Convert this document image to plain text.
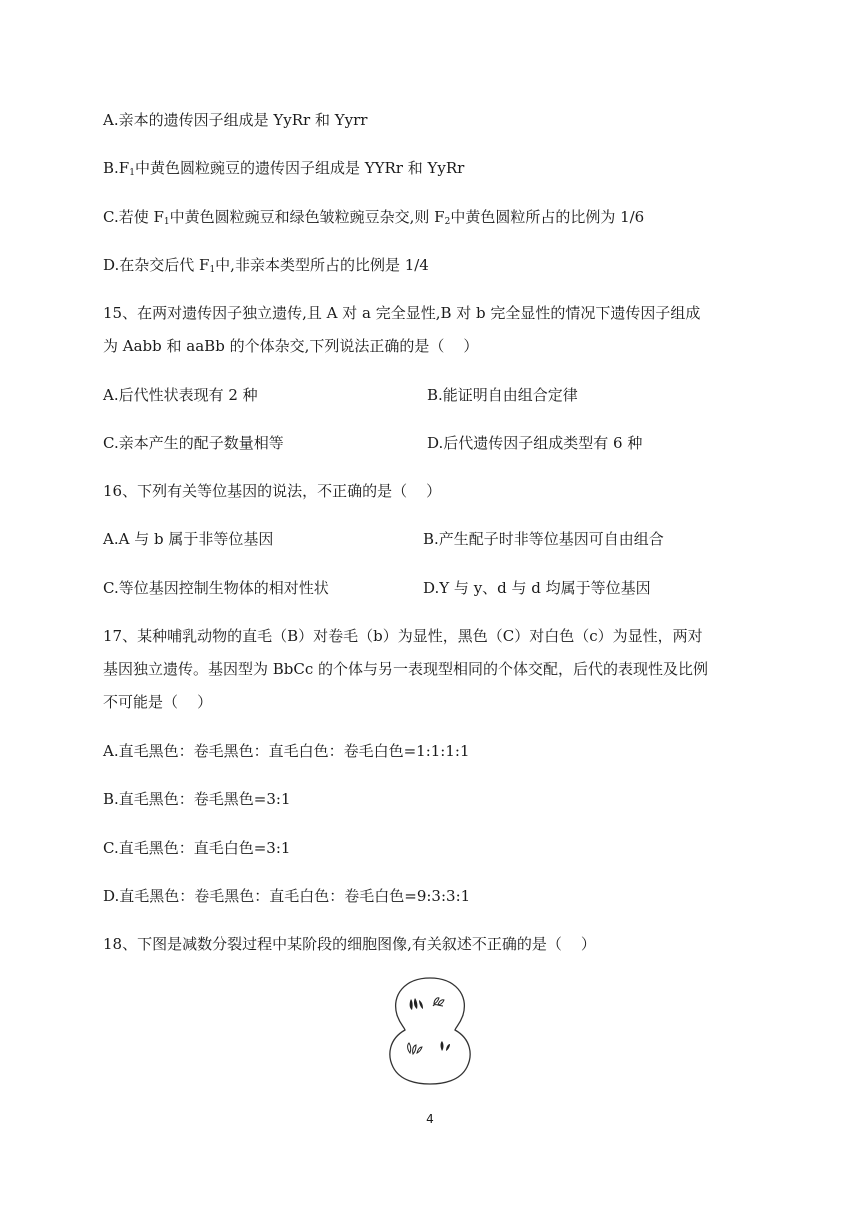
A.亲本的遗传因子组成是 YyRr 和 Yyrr
$B.F_1$中黄色圆粒豌豆的遗传因子组成是 YYRr 和 YyRr
C.若使 $F_1$中黄色圆粒豌豆和绿色皱粒豌豆杂交,则 $F_2$中黄色圆粒所占的比例为 1/6
D.在杂交后代 $F_1$中,非亲本类型所占的比例是 1/4
15、在两对遗传因子独立遗传,且 A 对 a 完全显性,B 对 b 完全显性的情况下遗传因子组成
为 Aabb 和 aaBb 的个体杂交,下列说法正确的是（    ）
A.后代性状表现有 2 种	B.能证明自由组合定律
C.亲本产生的配子数量相等	D.后代遗传因子组成类型有 6 种
16、下列有关等位基因的说法，不正确的是（    ）
A.A 与 b 属于非等位基因	B.产生配子时非等位基因可自由组合
C.等位基因控制生物体的相对性状	D.Y 与 y、d 与 d 均属于等位基因
17、某种哺乳动物的直毛（B）对卷毛（b）为显性，黑色（C）对白色（c）为显性，两对
基因独立遗传。基因型为 BbCc 的个体与另一表现型相同的个体交配，后代的表现性及比例
不可能是（    ）
A.直毛黑色：卷毛黑色：直毛白色：卷毛白色=1:1:1:1
B.直毛黑色：卷毛黑色=3:1
C.直毛黑色：直毛白色=3:1
D.直毛黑色：卷毛黑色：直毛白色：卷毛白色=9:3:3:1
18、下图是减数分裂过程中某阶段的细胞图像,有关叙述不正确的是（    ）
4
